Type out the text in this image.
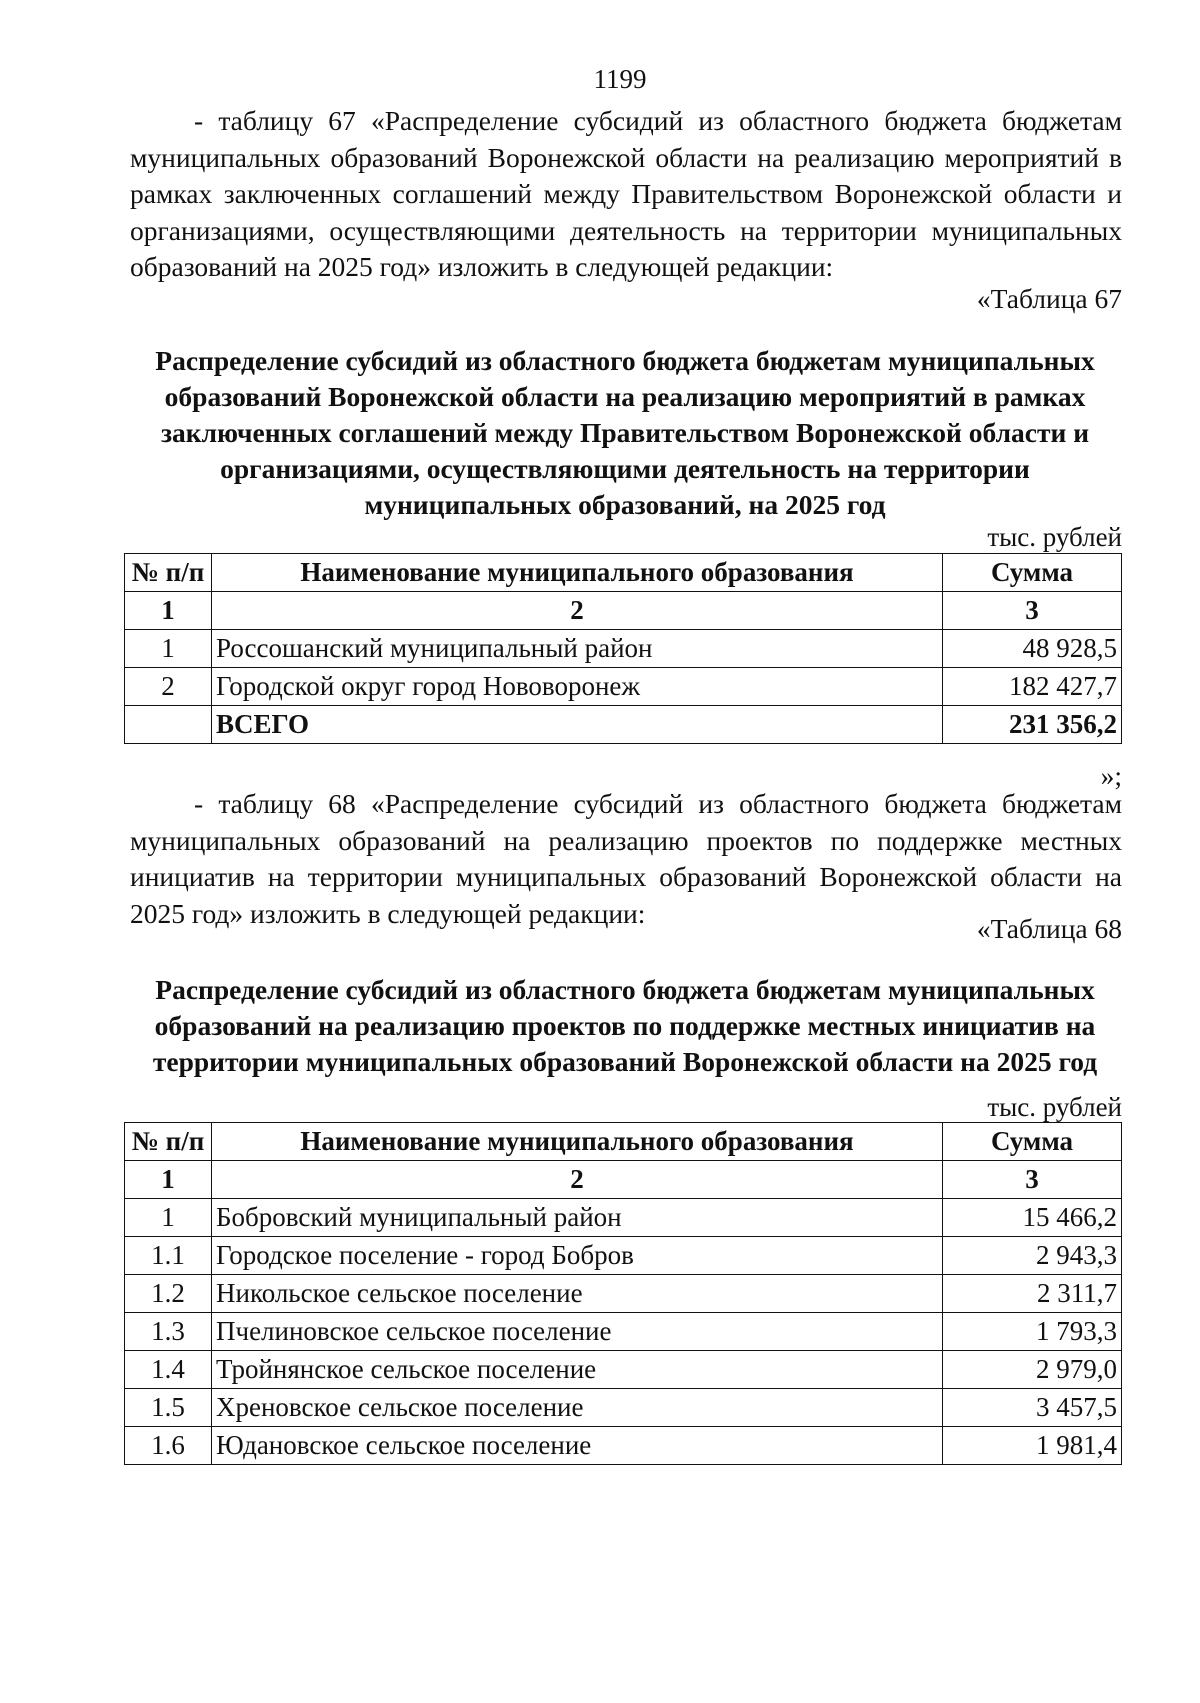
1199

- таблицу 67 «Распределение субсидий из областного бюджета бюджетам муниципальных образований Воронежской области на реализацию мероприятий в рамках заключенных соглашений между Правительством Воронежской области и организациями, осуществляющими деятельность на территории муниципальных образований на 2025 год» изложить в следующей редакции:

«Таблица 67

Распределение субсидий из областного бюджета бюджетам муниципальных образований Воронежской области на реализацию мероприятий в рамках заключенных соглашений между Правительством Воронежской области и организациями, осуществляющими деятельность на территории муниципальных образований, на 2025 год

тыс. рублей
№ п/п	Наименование муниципального образования	Сумма
1	2	3
1	Россошанский муниципальный район	48 928,5
2	Городской округ город Нововоронеж	182 427,7
	ВСЕГО	231 356,2
»;

- таблицу 68 «Распределение субсидий из областного бюджета бюджетам муниципальных образований на реализацию проектов по поддержке местных инициатив на территории муниципальных образований Воронежской области на 2025 год» изложить в следующей редакции:	«Таблица 68

Распределение субсидий из областного бюджета бюджетам муниципальных образований на реализацию проектов по поддержке местных инициатив на территории муниципальных образований Воронежской области на 2025 год

тыс. рублей
№ п/п	Наименование муниципального образования	Сумма
1	2	3
1	Бобровский муниципальный район	15 466,2
1.1	Городское поселение - город Бобров	2 943,3
1.2	Никольское сельское поселение	2 311,7
1.3	Пчелиновское сельское поселение	1 793,3
1.4	Тройнянское сельское поселение	2 979,0
1.5	Хреновское сельское поселение	3 457,5
1.6	Юдановское сельское поселение	1 981,4
